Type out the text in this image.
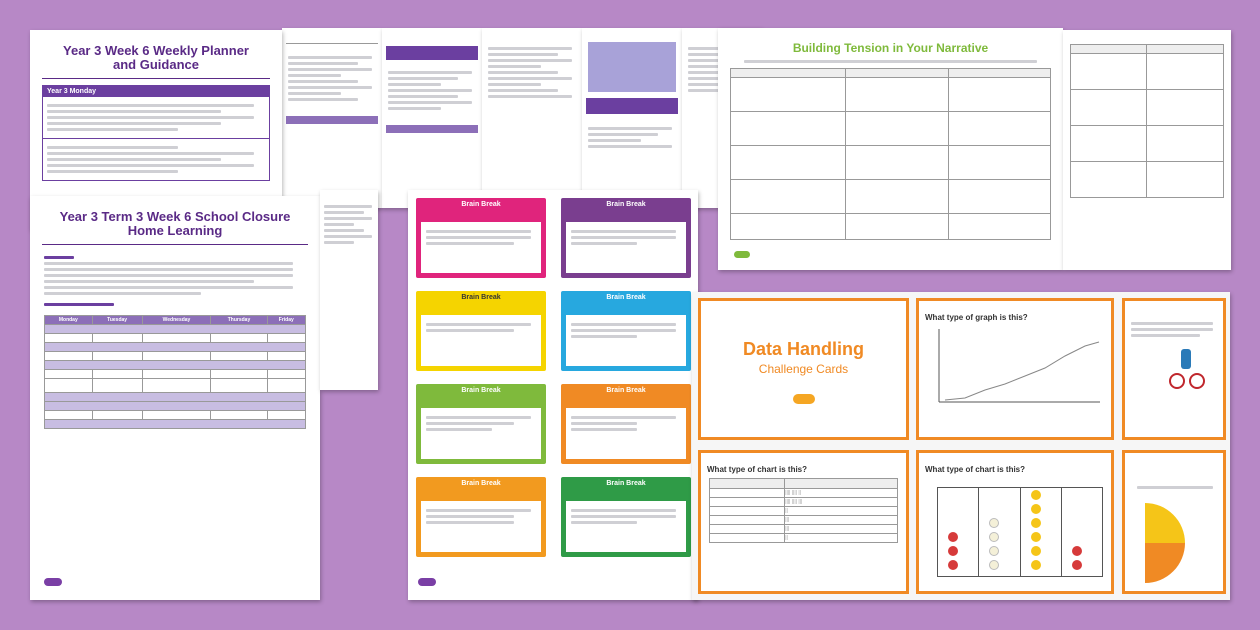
Year 3 Week 6 Weekly Planner
and Guidance
Year 3 Monday
Year 3 Term 3 Week 6 School Closure
Home Learning
Monday	Tuesday	Wednesday	Thursday	Friday

Building Tension in Your Narrative

Brain Break	Brain Break
Brain Break	Brain Break
Brain Break	Brain Break
Brain Break	Brain Break
Data Handling
Challenge Cards

What type of graph is this?

What type of chart is this?

	|||| |||| ||
	|||| |||| |||
	||
	|||
	|||
	||

What type of chart is this?
